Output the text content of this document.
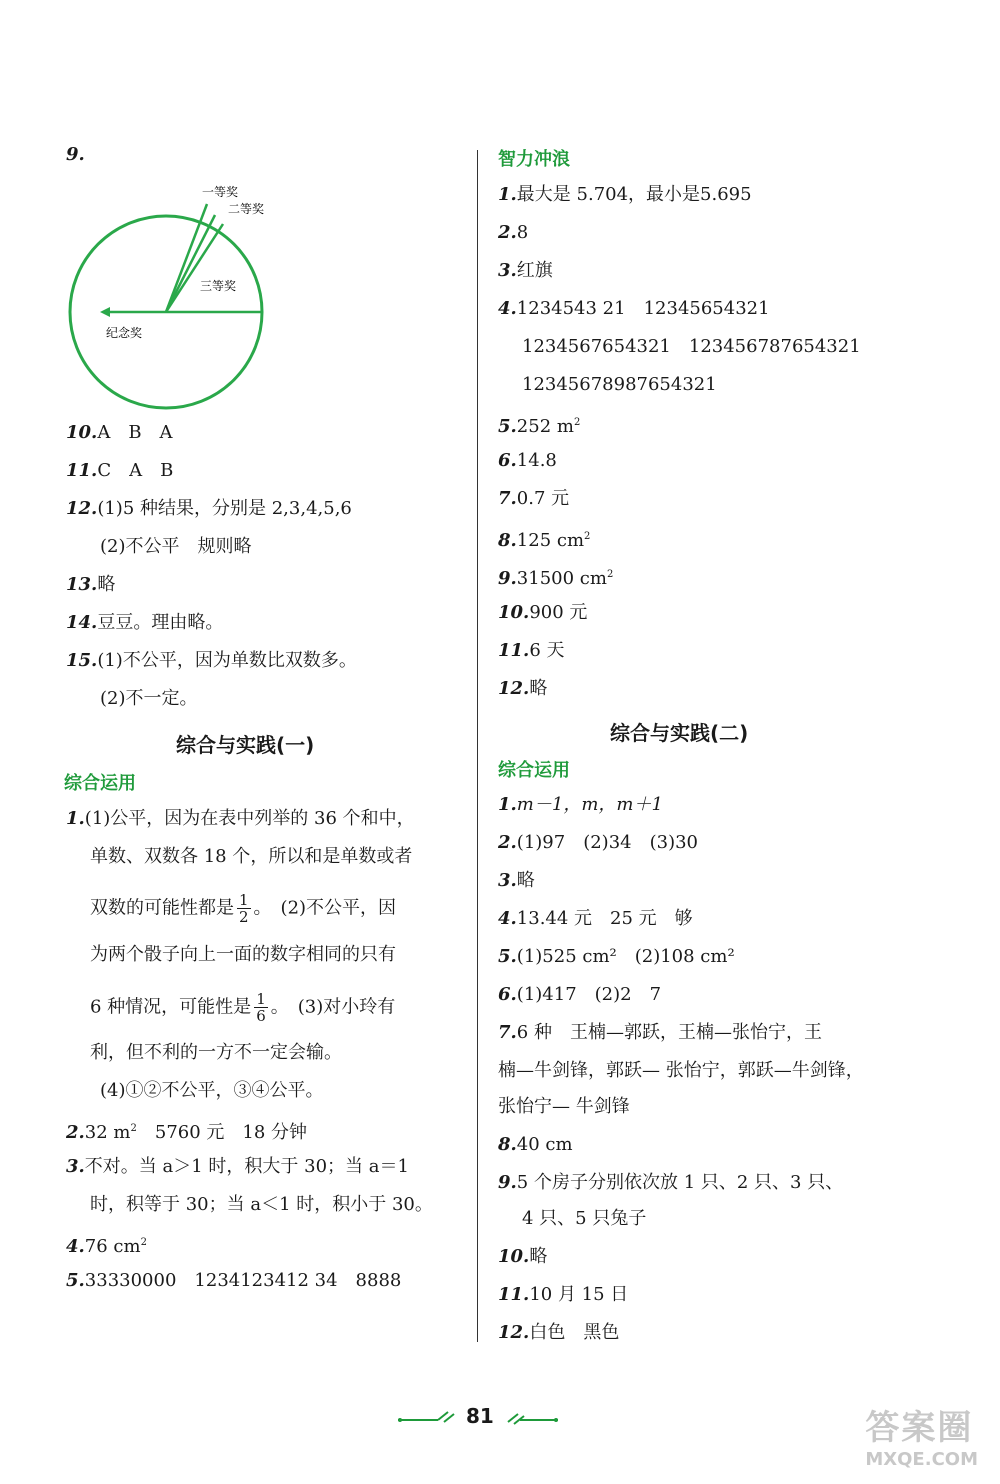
9.
一等奖
二等奖
三等奖
纪念奖
10.A　B　A
11.C　A　B
12.(1)5 种结果，分别是 2,3,4,5,6
(2)不公平　规则略
13.略
14.豆豆。理由略。
15.(1)不公平，因为单数比双数多。
(2)不一定。
综合与实践(一)
综合运用
1.(1)公平，因为在表中列举的 36 个和中，
单数、双数各 18 个，所以和是单数或者
双数的可能性都是 $\frac{1}{2}$ 。　(2)不公平，因
为两个骰子向上一面的数字相同的只有
6 种情况，可能性是 $\frac{1}{6}$ 。　(3)对小玲有
利，但不利的一方不一定会输。
(4)①②不公平，③④公平。
2.32 $m^2$　5760 元　18 分钟
3.不对。当 a＞1 时，积大于 30；当 a＝1
时，积等于 30；当 a＜1 时，积小于 30。
4.76 $cm^2$
5.33330000　1234123412 34　8888
智力冲浪
1.最大是 5.704，最小是5.695
2.8
3.红旗
4.1234543 21　12345654321
1234567654321　123456787654321
12345678987654321
5.252 $m^2$
6.14.8
7.0.7 元
8.125 $cm^2$
9.31500 $cm^2$
10.900 元
11.6 天
12.略
综合与实践(二)
综合运用
1.m－1，m，m＋1
2.(1)97　(2)34　(3)30
3.略
4.13.44 元　25 元　够
5.(1)525 cm²　(2)108 cm²
6.(1)417　(2)2　7
7.6 种　王楠—郭跃，王楠—张怡宁，王
楠—牛剑锋，郭跃— 张怡宁，郭跃—牛剑锋，
张怡宁— 牛剑锋
8.40 cm
9.5 个房子分别依次放 1 只、2 只、3 只、
4 只、5 只兔子
10.略
11.10 月 15 日
12.白色　黑色
81	答案圈
MXQE.COM
